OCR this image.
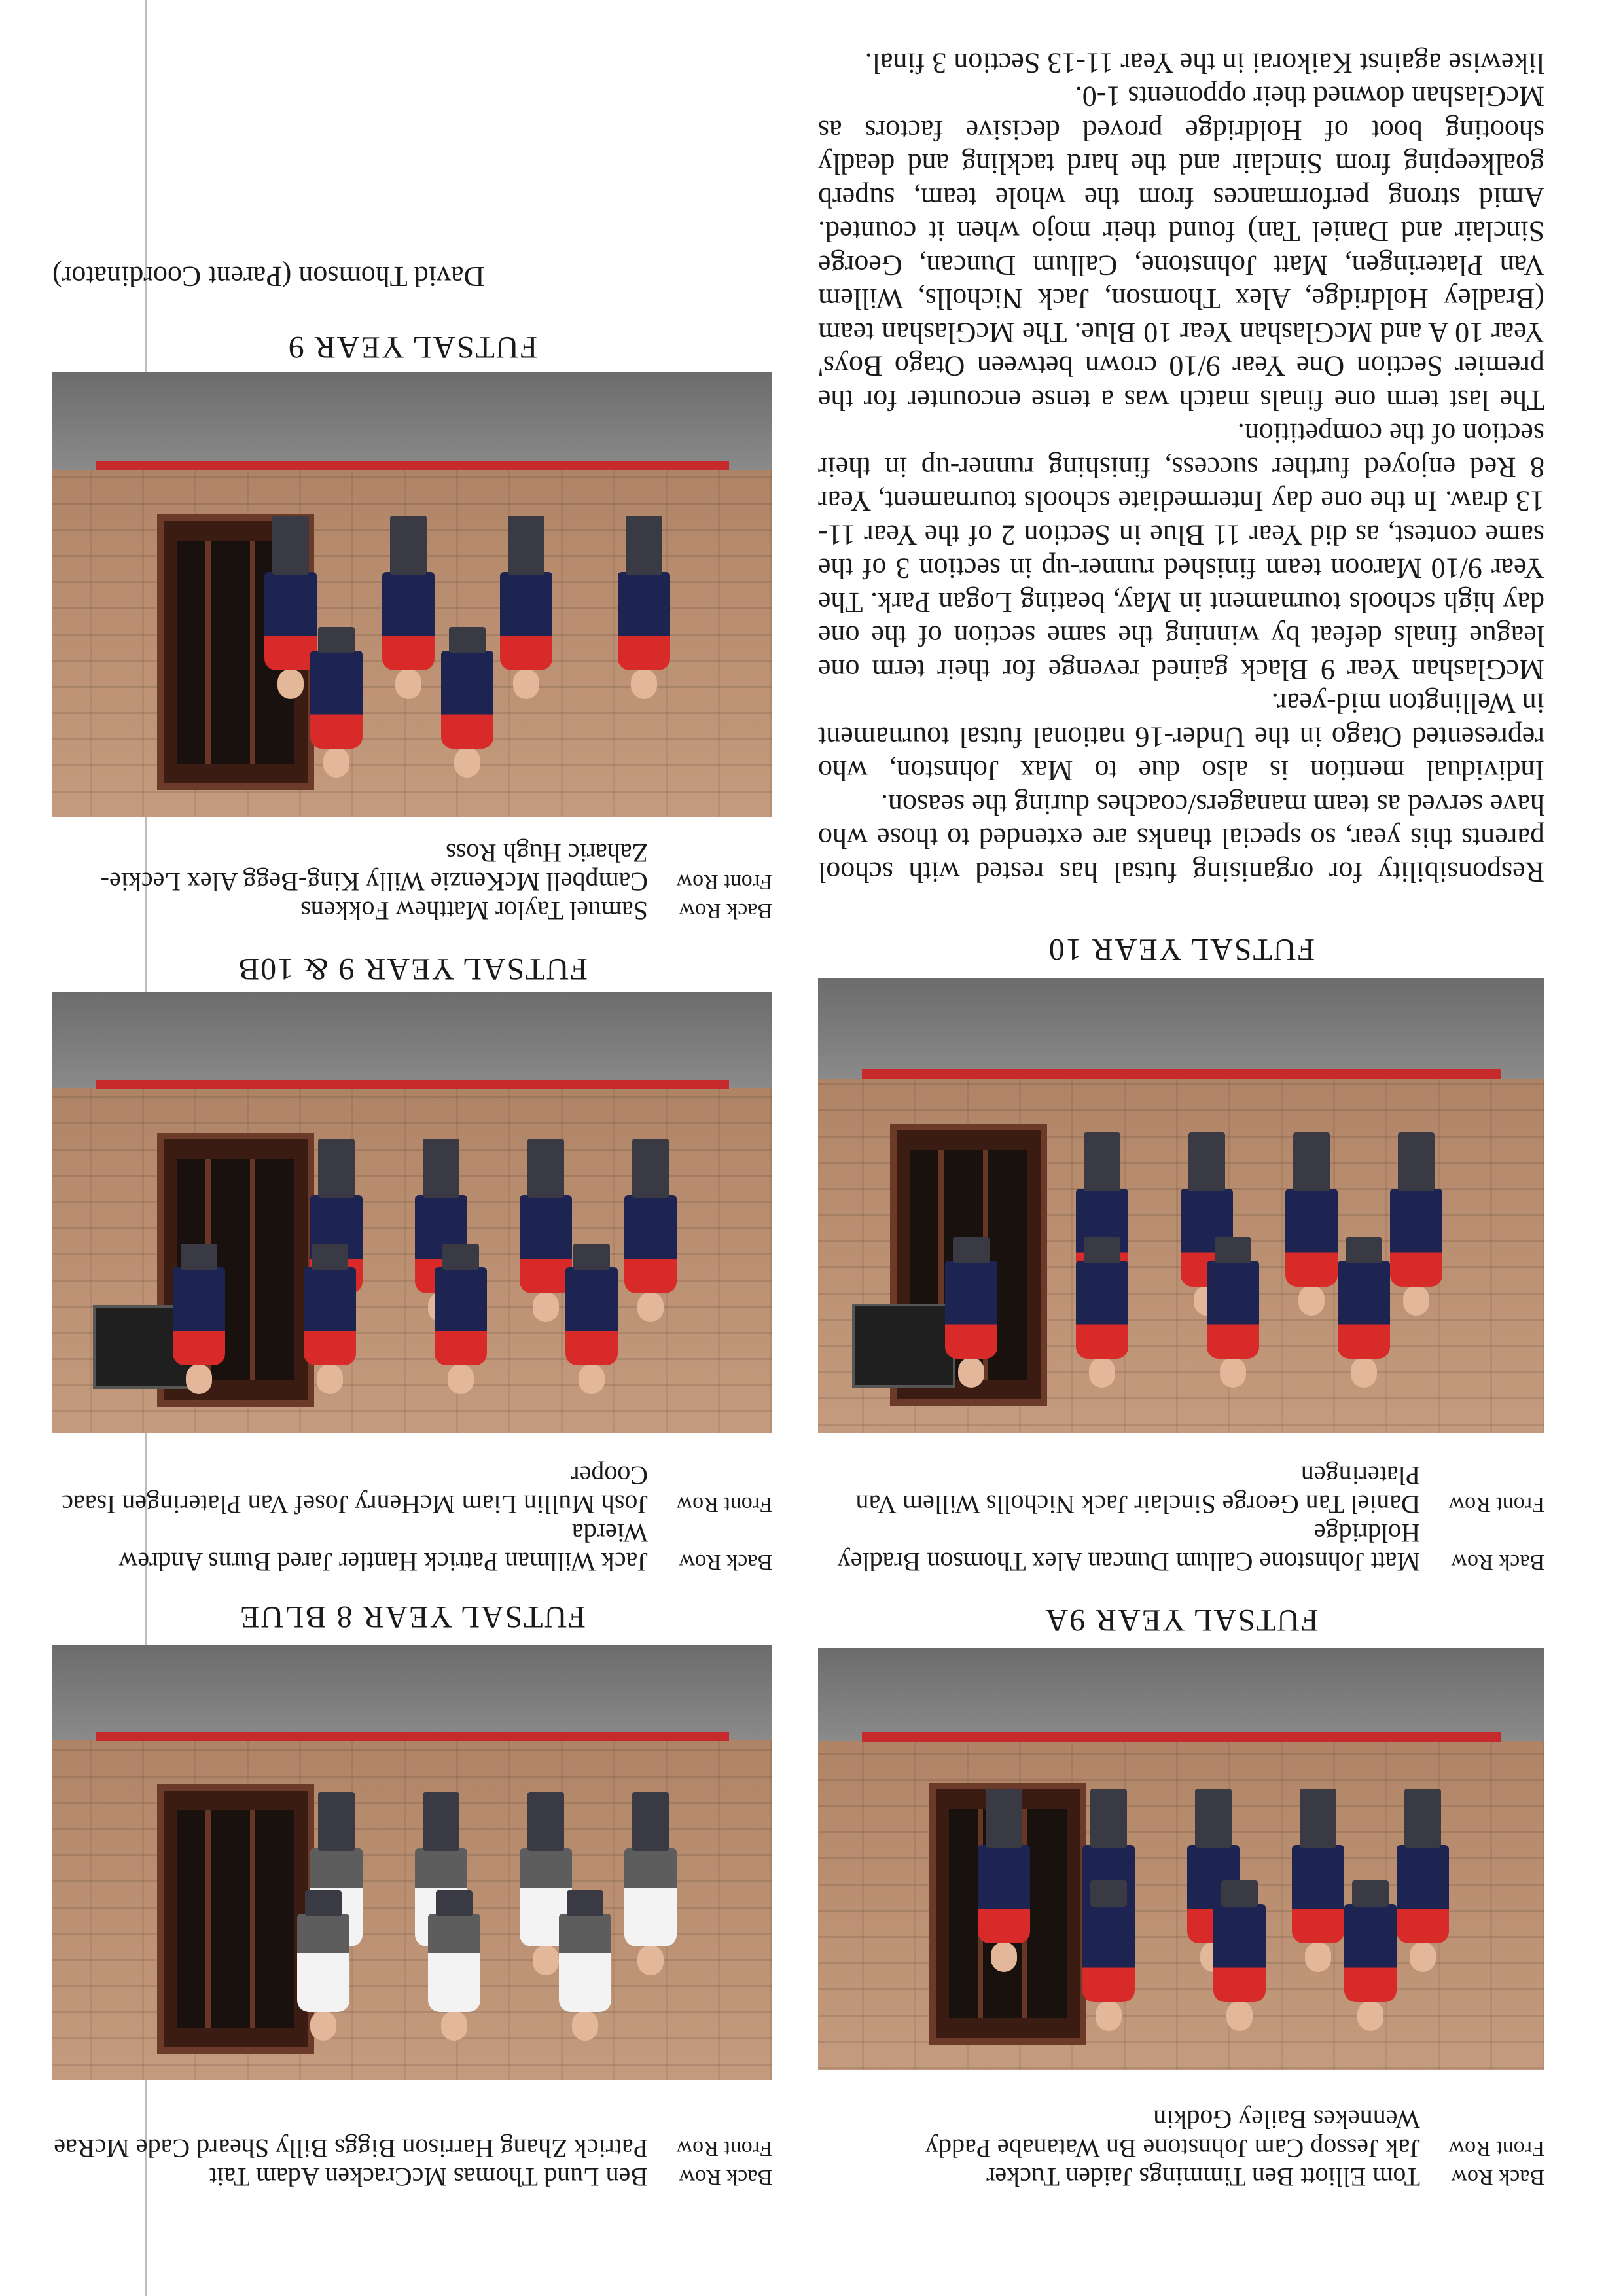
Back Row
Tom Elliott Ben Timmings Jaiden Tucker
Front Row
Jak Jessop Cam Johnstone Bn Watanabe Paddy Wennekes Bailey Godkin
FUTSAL YEAR 9A
Back Row
Matt Johnstone Callum Duncan Alex Thomson Bradley Holdridge
Front Row
Daniel Tan George Sinclair Jack Nicholls Willem Van Plateringen
FUTSAL YEAR 10

Responsibility for organising futsal has rested with school parents this year, so special thanks are extended to those who have served as team managers/coaches during the season.

Individual mention is also due to Max Johnston, who represented Otago in the Under-16 national futsal tournament in Wellington mid-year.

McGlashan Year 9 Black gained revenge for their term one league finals defeat by winning the same section of the one day high schools tournament in May, beating Logan Park. The Year 9/10 Maroon team finished runner-up in section 3 of the same contest, as did Year 11 Blue in Section 2 of the Year 11-13 draw. In the one day Intermediate schools tournament, Year 8 Red enjoyed further success, finishing runner-up in their section of the competition.

The last term one finals match was a tense encounter for the premier Section One Year 9/10 crown between Otago Boys' Year 10 A and McGlashan Year 10 Blue. The McGlashan team (Bradley Holdridge, Alex Thomson, Jack Nicholls, Willem Van Plateringen, Matt Johnstone, Callum Duncan, George Sinclair and Daniel Tan) found their mojo when it counted. Amid strong performances from the whole team, superb goalkeeping from Sinclair and the hard tackling and deadly shooting boot of Holdridge proved decisive factors as McGlashan downed their opponents 1-0.

likewise against Kaikorai in the Year 11-13 Section 3 final.

Back Row
Ben Lund Thomas McCracken Adam Tait
Front Row
Patrick Zhang Harrison Biggs Billy Sheard Cade McRae
FUTSAL YEAR 8 BLUE
Back Row
Jack Willman Patrick Hantler Jared Burns Andrew Wierda
Front Row
Josh Mullin Liam McHenry Josef Van Plateringen Isaac Cooper
FUTSAL YEAR 9 & 10B
Back Row
Samuel Taylor Matthew Fokkens
Front Row
Campbell McKenzie Willy King-Begg Alex Leckie-Zaharic Hugh Ross
FUTSAL YEAR 9

David Thomson (Parent Coordinator)
